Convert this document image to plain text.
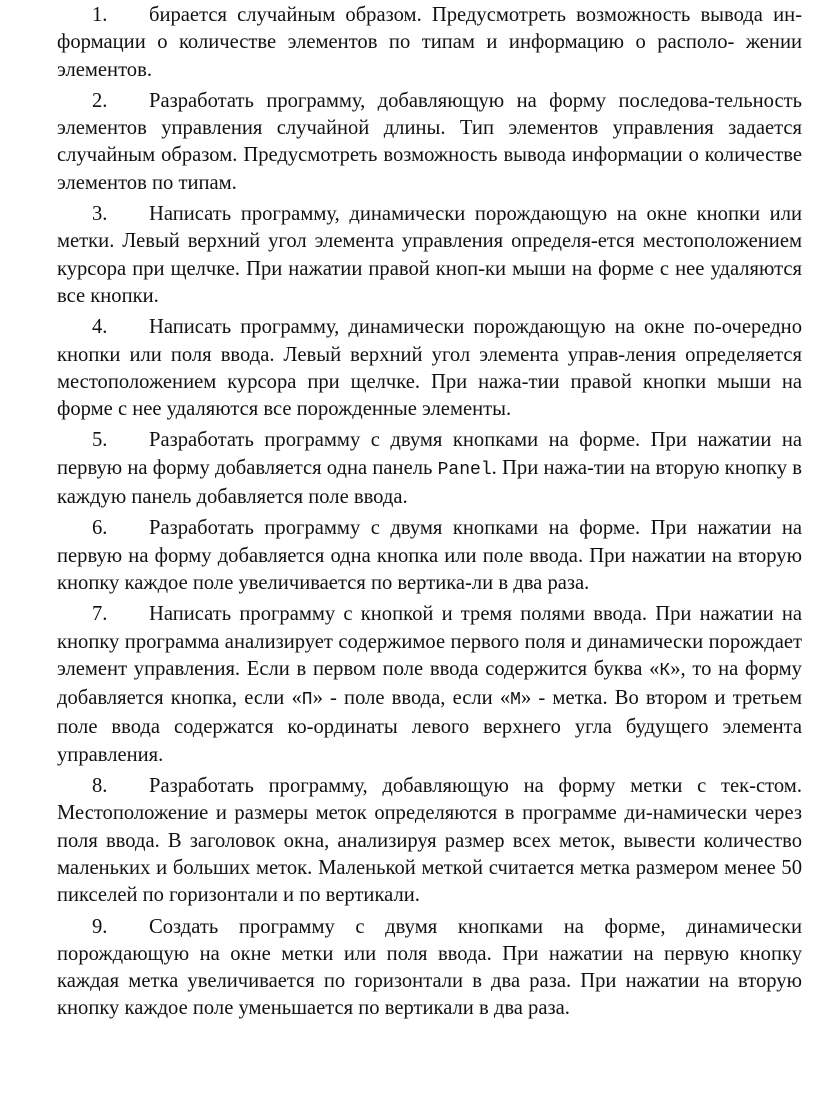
1. бирается случайным образом. Предусмотреть возможность вывода ин- формации о количестве элементов по типам и информацию о располо- жении элементов.

2. Разработать программу, добавляющую на форму последова-тельность элементов управления случайной длины. Тип элементов управления задается случайным образом. Предусмотреть возможность вывода информации о количестве элементов по типам.

3. Написать программу, динамически порождающую на окне кнопки или метки. Левый верхний угол элемента управления определя-ется местоположением курсора при щелчке. При нажатии правой кноп-ки мыши на форме с нее удаляются все кнопки.

4. Написать программу, динамически порождающую на окне по-очередно кнопки или поля ввода. Левый верхний угол элемента управ-ления определяется местоположением курсора при щелчке. При нажа-тии правой кнопки мыши на форме с нее удаляются все порожденные элементы.

5. Разработать программу с двумя кнопками на форме. При нажатии на первую на форму добавляется одна панель Panel. При нажа-тии на вторую кнопку в каждую панель добавляется поле ввода.

6. Разработать программу с двумя кнопками на форме. При нажатии на первую на форму добавляется одна кнопка или поле ввода. При нажатии на вторую кнопку каждое поле увеличивается по вертика-ли в два раза.

7. Написать программу с кнопкой и тремя полями ввода. При нажатии на кнопку программа анализирует содержимое первого поля и динамически порождает элемент управления. Если в первом поле ввода содержится буква «К», то на форму добавляется кнопка, если «П» - поле ввода, если «М» - метка. Во втором и третьем поле ввода содержатся ко-ординаты левого верхнего угла будущего элемента управления.

8. Разработать программу, добавляющую на форму метки с тек-стом. Местоположение и размеры меток определяются в программе ди-намически через поля ввода. В заголовок окна, анализируя размер всех меток, вывести количество маленьких и больших меток. Маленькой меткой считается метка размером менее 50 пикселей по горизонтали и по вертикали.

9. Создать программу с двумя кнопками на форме, динамически порождающую на окне метки или поля ввода. При нажатии на первую кнопку каждая метка увеличивается по горизонтали в два раза. При нажатии на вторую кнопку каждое поле уменьшается по вертикали в два раза.
